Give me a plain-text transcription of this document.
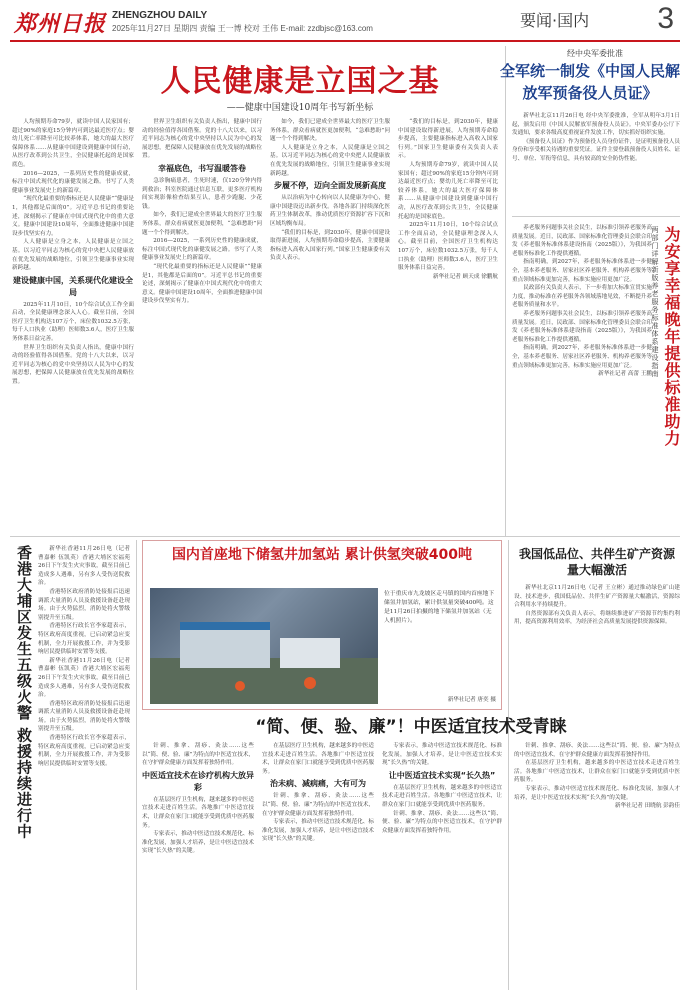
郑州日报 ZHENGZHOU DAILY
2025年11月27日 星期四 责编 王一博 校对 王伟 E-mail: zzdbjsc@163.com	要闻·国内 3
人民健康是立国之基
——健康中国建设10周年书写新坐标

人均预期寿命79岁，就读中国人民家国有；超过90%的家庭15分钟内可到达最近医疗点；婴幼儿死亡率降至可比较养体系，她大的最大医疗保障体系……从健康中国建设到健康中国行动，从医疗改革到公共卫生，全民健康托起的是国家底色。

2016—2025，一系列历史性的健康成就，标注中国式现代化的康健发展之路。书写了人类健康事业发展史上的新篇章。

“现代化最重要的指标还是人民健康”“健康是1，其他都是后面的0”。习近平总书记的重要论述，深刻揭示了健康在中国式现代化中的重大意义。健康中国建设10周年，全面推进健康中国建设步伐坚实有力。

人人健康是立身之本，人民健康是立国之基。以习近平同志为核心的党中央把人民健康放在优先发展的战略地位，引领卫生健康事业实现新跨越。

建设健康中国，关系现代化建设全局

2025年11月10日，10个综合试点工作全面启动，全民健康理念深入人心。截至目前，全国医疗卫生机构达107万个，床位数1032.5万张，每千人口执业（助理）医师数3.6人，医疗卫生服务体系日益完善。

世界卫生组织有关负责人指出，健康中国行动的经验值得各国借鉴。党的十八大以来，以习近平同志为核心的党中央坚持以人民为中心的发展思想，把保障人民健康放在优先发展的战略位置。

世界卫生组织有关负责人指出，健康中国行动的经验值得各国借鉴。党的十八大以来，以习近平同志为核心的党中央坚持以人民为中心的发展思想，把保障人民健康放在优先发展的战略位置。

幸福底色，书写温暖答卷

急诊胸痛患者，生死时速，仅120分钟内得到救治；科室医院通过信息互联，更多医疗机构间实现影像检查结果互认，患者少跑腿、少花钱。

如今，我们已建成全世界最大的医疗卫生服务体系，群众看病就医更加便利，“急难愁盼”问题一个个得到解决。

2016—2025，一系列历史性的健康成就，标注中国式现代化的康健发展之路。书写了人类健康事业发展史上的新篇章。

“现代化最重要的指标还是人民健康”“健康是1，其他都是后面的0”。习近平总书记的重要论述，深刻揭示了健康在中国式现代化中的重大意义。健康中国建设10周年，全面推进健康中国建设步伐坚实有力。

如今，我们已建成全世界最大的医疗卫生服务体系，群众看病就医更加便利，“急难愁盼”问题一个个得到解决。

人人健康是立身之本，人民健康是立国之基。以习近平同志为核心的党中央把人民健康放在优先发展的战略地位，引领卫生健康事业实现新跨越。

步履不停，迈向全面发展新高度

从以治病为中心转向以人民健康为中心，健康中国建设迈出新步伐。各地各部门持续深化医药卫生体制改革，推动优质医疗资源扩容下沉和区域均衡布局。

“我们的目标是，到2030年，健康中国建设取得新进展，人均预期寿命稳步提高，主要健康指标进入高收入国家行列。”国家卫生健康委有关负责人表示。

“我们的目标是，到2030年，健康中国建设取得新进展，人均预期寿命稳步提高，主要健康指标进入高收入国家行列。”国家卫生健康委有关负责人表示。

人均预期寿命79岁，就读中国人民家国有；超过90%的家庭15分钟内可到达最近医疗点；婴幼儿死亡率降至可比较养体系，她大的最大医疗保障体系……从健康中国建设到健康中国行动，从医疗改革到公共卫生，全民健康托起的是国家底色。

2025年11月10日，10个综合试点工作全面启动，全民健康理念深入人心。截至目前，全国医疗卫生机构达107万个，床位数1032.5万张，每千人口执业（助理）医师数3.6人，医疗卫生服务体系日益完善。

新华社记者 顾天成 徐鹏航
经中央军委批准
全军统一制发《中国人民解放军预备役人员证》

新华社北京11月26日电 经中央军委批准，全军从明年3月1日起，颁发启用《中国人民解放军预备役人员证》。中央军委办公厅下发通知，要求各级高度重视证件发放工作，切实抓好组织实施。

《预备役人员证》作为预备役人员身份证件，是证明预备役人员身份和享受相关待遇的重要凭证。证件主要登载预备役人员姓名、证号、单位、军衔等信息，具有较高的安全防伪性能。

养老服务问题事关社会民生，以标准引领养老服务高质量发展。近日，民政部、国家标准化管理委员会联合印发《养老服务标准体系建设指南（2025版）》，为我国养老服务标准化工作提供遵循。

指南明确，到2027年，养老服务标准体系进一步健全，基本养老服务、居家社区养老服务、机构养老服务等重点领域标准更加完善，标准实施应用更加广泛。

民政部有关负责人表示，下一步将加大标准宣贯实施力度，推动标准在养老服务各领域落地见效，不断提升养老服务质量和水平。

养老服务问题事关社会民生，以标准引领养老服务高质量发展。近日，民政部、国家标准化管理委员会联合印发《养老服务标准体系建设指南（2025版）》，为我国养老服务标准化工作提供遵循。

指南明确，到2027年，养老服务标准体系进一步健全，基本养老服务、居家社区养老服务、机构养老服务等重点领域标准更加完善，标准实施应用更加广泛。

新华社记者 高蕾 王鹏 为安享幸福晚年提供标准助力
两部门详解新版养老服务标准体系建设指南
香港大埔区发生五级火警 救援持续进行中	新华社香港11月26日电（记者 曹嘉彬 伍凯英）香港大埔区宏福苑26日下午发生火灾事故，截至目前已造成多人遇难，另有多人受伤送院救治。

香港特区政府消防处接报后迅速调派大量消防人员及救援设备赶赴现场。由于火势猛烈，消防处将火警级别提升至五级。

香港特区行政长官李家超表示，特区政府高度重视，已启动紧急应变机制，全力开展救援工作，并为受影响居民提供临时安置等支援。

新华社香港11月26日电（记者 曹嘉彬 伍凯英）香港大埔区宏福苑26日下午发生火灾事故，截至目前已造成多人遇难，另有多人受伤送院救治。

香港特区政府消防处接报后迅速调派大量消防人员及救援设备赶赴现场。由于火势猛烈，消防处将火警级别提升至五级。

香港特区行政长官李家超表示，特区政府高度重视，已启动紧急应变机制，全力开展救援工作，并为受影响居民提供临时安置等支援。

国内首座地下储氢井加氢站 累计供氢突破400吨
位于重庆市九龙坡区走马镇的国内首座地下储氢井加氢站，累计供氢量突破400吨。这是11月26日拍摄的地下储氢井加氢站（无人机照片）。
新华社记者 唐奕 摄
我国低品位、共伴生矿产资源量大幅激活

新华社北京11月26日电（记者 王立彬）通过推动绿色矿山建设、技术进步，我国低品位、共伴生矿产资源量大幅激活，资源综合利用水平持续提升。

自然资源部有关负责人表示，将继续推进矿产资源节约集约利用，提高资源利用效率，为经济社会高质量发展提供资源保障。

“简、便、验、廉”！中医适宜技术受青睐

针刺、推拿、刮痧、灸法……这些以“简、便、验、廉”为特点的中医适宜技术，在守护群众健康方面发挥着独特作用。

中医适宜技术在诊疗机构大放异彩

在基层医疗卫生机构，越来越多的中医适宜技术走进百姓生活。各地推广中医适宜技术，让群众在家门口就能享受到优质中医药服务。

专家表示，推动中医适宜技术规范化、标准化发展，加强人才培养，是让中医适宜技术实现“长久热”的关键。

在基层医疗卫生机构，越来越多的中医适宜技术走进百姓生活。各地推广中医适宜技术，让群众在家门口就能享受到优质中医药服务。

治未病、减病痛，大有可为

针刺、推拿、刮痧、灸法……这些以“简、便、验、廉”为特点的中医适宜技术，在守护群众健康方面发挥着独特作用。

专家表示，推动中医适宜技术规范化、标准化发展，加强人才培养，是让中医适宜技术实现“长久热”的关键。

专家表示，推动中医适宜技术规范化、标准化发展，加强人才培养，是让中医适宜技术实现“长久热”的关键。

让中医适宜技术实现“长久热”

在基层医疗卫生机构，越来越多的中医适宜技术走进百姓生活。各地推广中医适宜技术，让群众在家门口就能享受到优质中医药服务。

针刺、推拿、刮痧、灸法……这些以“简、便、验、廉”为特点的中医适宜技术，在守护群众健康方面发挥着独特作用。

针刺、推拿、刮痧、灸法……这些以“简、便、验、廉”为特点的中医适宜技术，在守护群众健康方面发挥着独特作用。

在基层医疗卫生机构，越来越多的中医适宜技术走进百姓生活。各地推广中医适宜技术，让群众在家门口就能享受到优质中医药服务。

专家表示，推动中医适宜技术规范化、标准化发展，加强人才培养，是让中医适宜技术实现“长久热”的关键。

新华社记者 田晓航 彭韵佳
